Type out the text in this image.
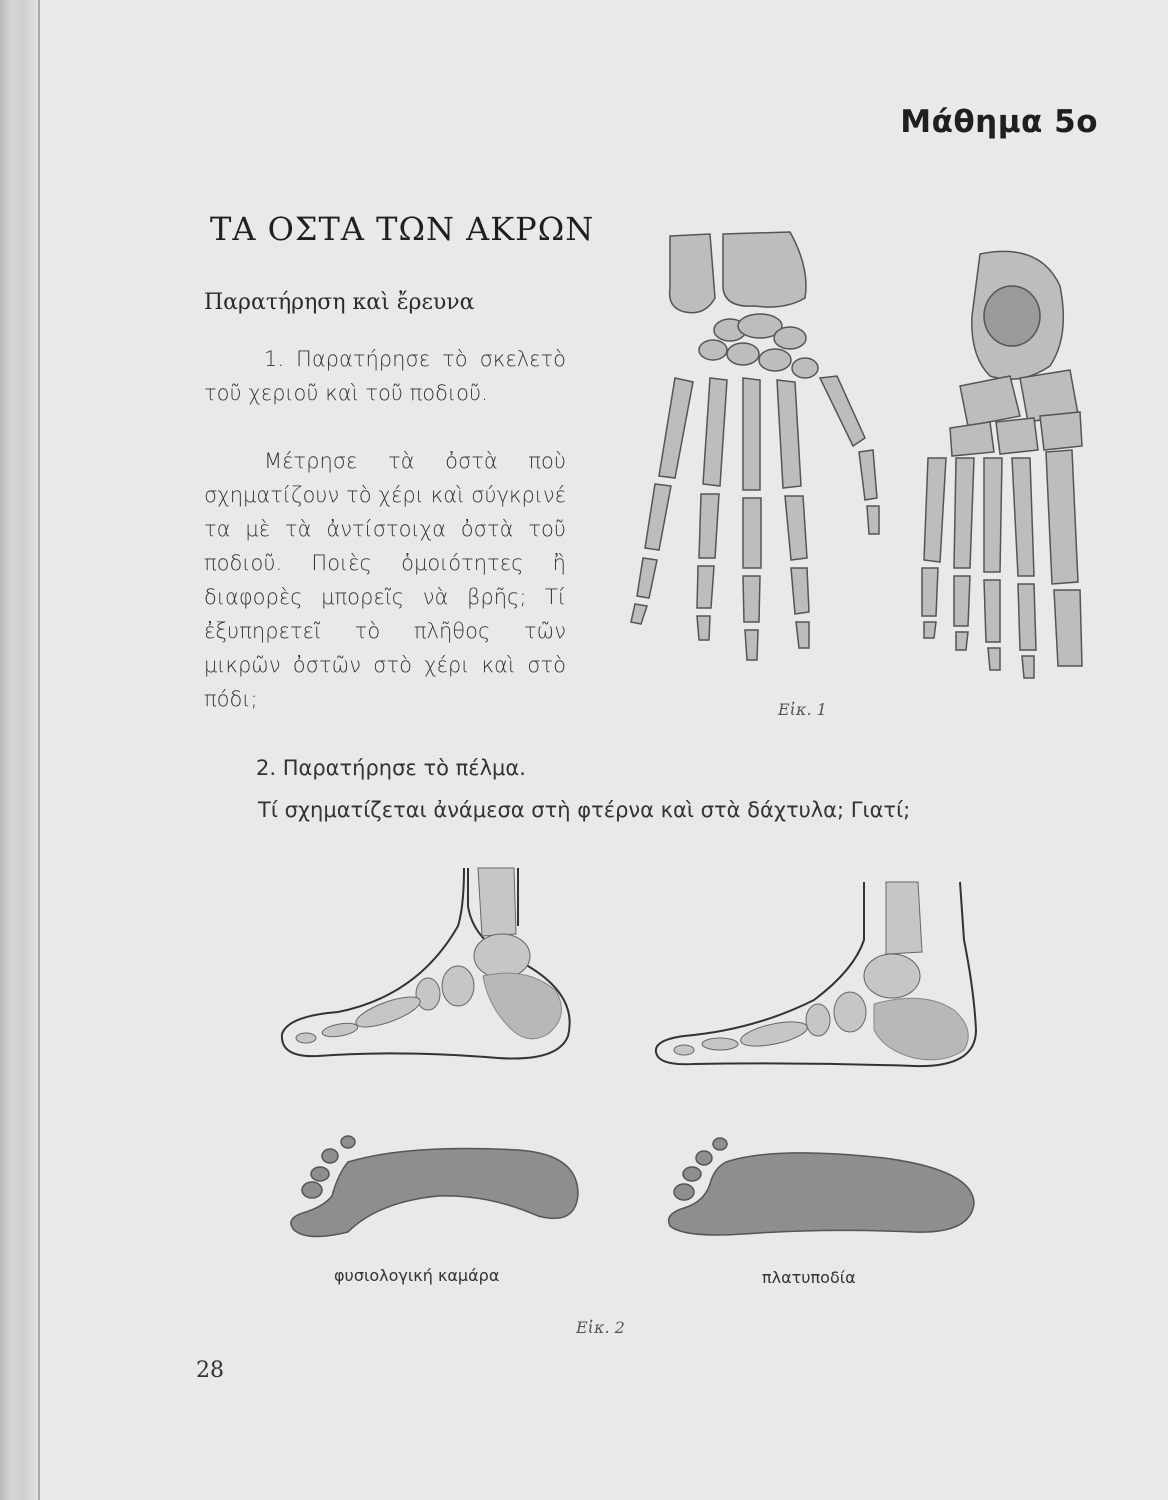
Μάθημα 5ο
ΤΑ ΟΣΤΑ ΤΩΝ ΑΚΡΩΝ
Παρατήρηση καὶ ἔρευνα
1. Παρατήρησε τὸ σκελετὸ τοῦ χεριοῦ καὶ τοῦ ποδιοῦ.
Μέτρησε τὰ ὀστὰ ποὺ σχηματίζουν τὸ χέρι καὶ σύγκρινέ τα μὲ τὰ ἀντίστοιχα ὀστὰ τοῦ ποδιοῦ. Ποιὲς ὁμοιότητες ἢ διαφορὲς μπορεῖς νὰ βρῆς; Τί ἐξυπηρετεῖ τὸ πλῆθος τῶν μικρῶν ὀστῶν στὸ χέρι καὶ στὸ πόδι;	Εἰκ. 1
2. Παρατήρησε τὸ πέλμα.
Τί σχηματίζεται ἀνάμεσα στὴ φτέρνα καὶ στὰ δάχτυλα; Γιατί;
φυσιολογική καμάρα	πλατυποδία
Εἰκ. 2
28
